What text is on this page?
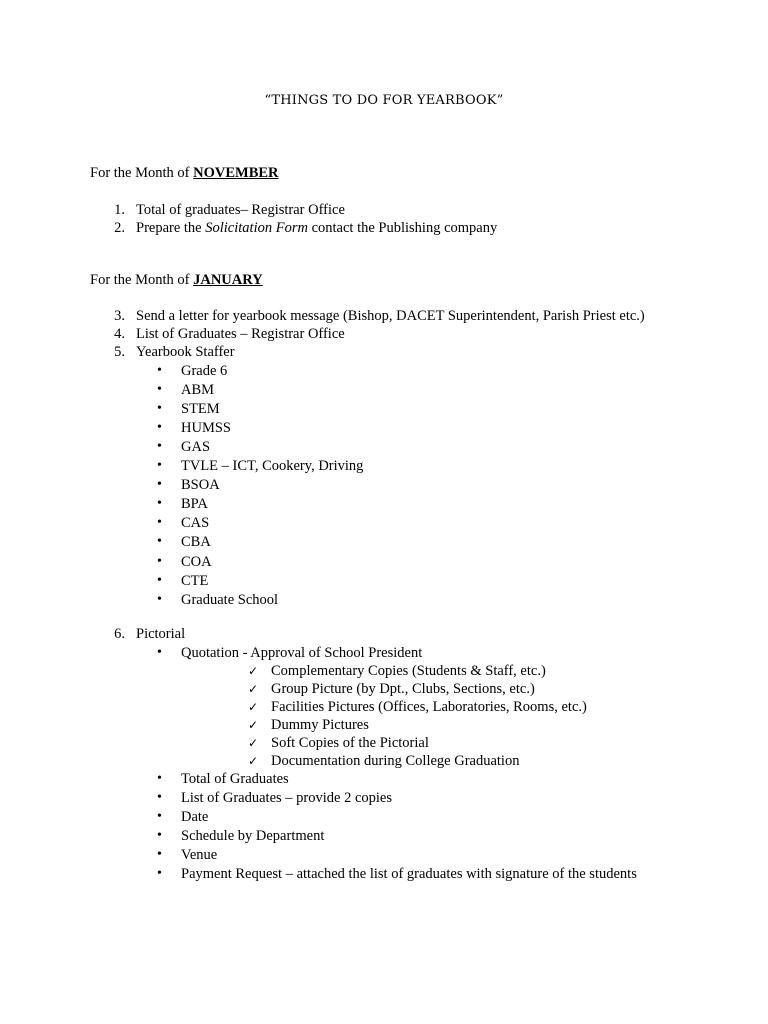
“THINGS TO DO FOR YEARBOOK”
For the Month of NOVEMBER
1. Total of graduates– Registrar Office
2. Prepare the Solicitation Form contact the Publishing company
For the Month of JANUARY
3. Send a letter for yearbook message (Bishop, DACET Superintendent, Parish Priest etc.)
4. List of Graduates – Registrar Office
5. Yearbook Staffer
• Grade 6
• ABM
• STEM
• HUMSS
• GAS
• TVLE – ICT, Cookery, Driving
• BSOA
• BPA
• CAS
• CBA
• COA
• CTE
• Graduate School
6. Pictorial
• Quotation - Approval of School President
✓ Complementary Copies (Students & Staff, etc.)
✓ Group Picture (by Dpt., Clubs, Sections, etc.)
✓ Facilities Pictures (Offices, Laboratories, Rooms, etc.)
✓ Dummy Pictures
✓ Soft Copies of the Pictorial
✓ Documentation during College Graduation
• Total of Graduates
• List of Graduates – provide 2 copies
• Date
• Schedule by Department
• Venue
• Payment Request – attached the list of graduates with signature of the students
